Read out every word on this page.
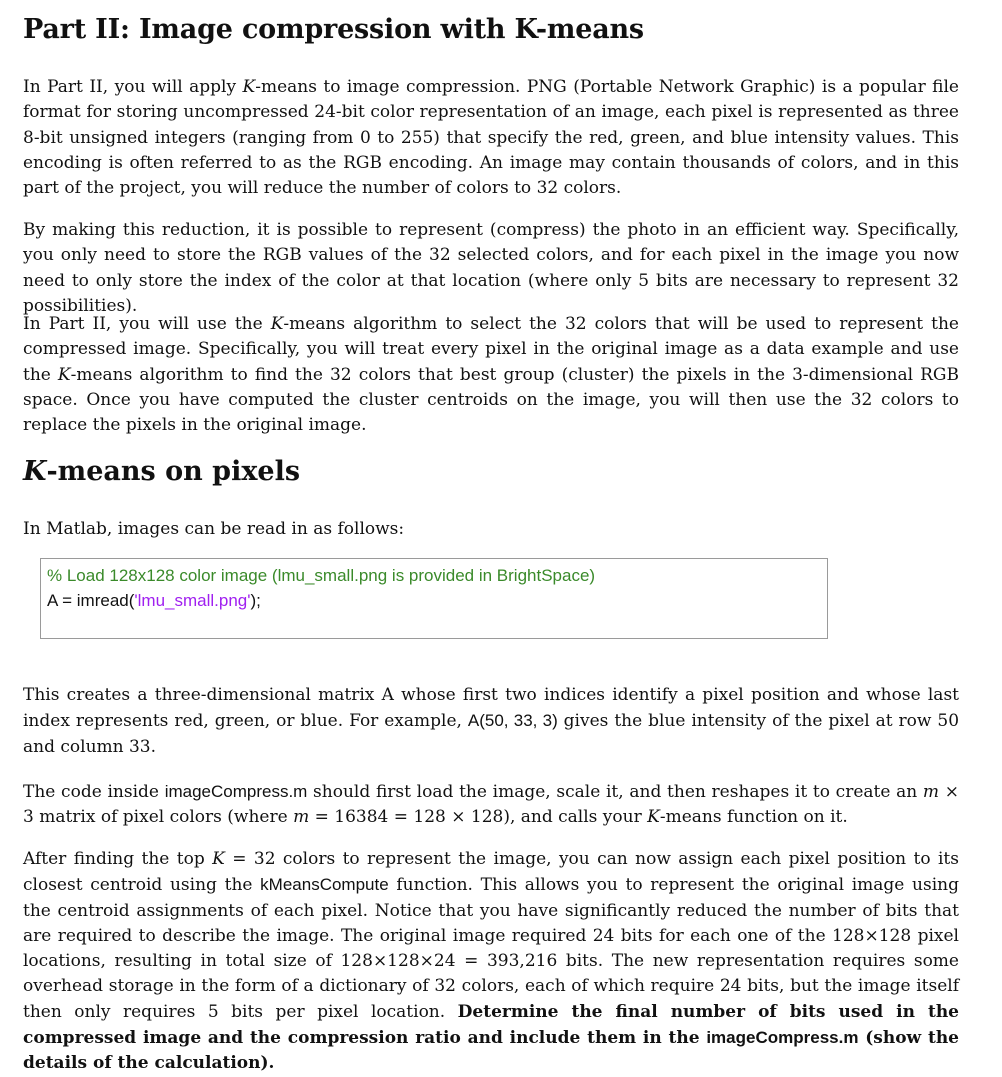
Part II: Image compression with K-means

In Part II, you will apply K-means to image compression. PNG (Portable Network Graphic) is a popular file format for storing uncompressed 24-bit color representation of an image, each pixel is represented as three 8-bit unsigned integers (ranging from 0 to 255) that specify the red, green, and blue intensity values. This encoding is often referred to as the RGB encoding. An image may contain thousands of colors, and in this part of the project, you will reduce the number of colors to 32 colors.

By making this reduction, it is possible to represent (compress) the photo in an efficient way. Specifically, you only need to store the RGB values of the 32 selected colors, and for each pixel in the image you now need to only store the index of the color at that location (where only 5 bits are necessary to represent 32 possibilities).

In Part II, you will use the K-means algorithm to select the 32 colors that will be used to represent the compressed image. Specifically, you will treat every pixel in the original image as a data example and use the K-means algorithm to find the 32 colors that best group (cluster) the pixels in the 3-dimensional RGB space. Once you have computed the cluster centroids on the image, you will then use the 32 colors to replace the pixels in the original image.

K-means on pixels

In Matlab, images can be read in as follows:

% Load 128x128 color image (lmu_small.png is provided in BrightSpace)
A = imread('lmu_small.png');

This creates a three-dimensional matrix A whose first two indices identify a pixel position and whose last index represents red, green, or blue. For example, A(50, 33, 3) gives the blue intensity of the pixel at row 50 and column 33.

The code inside imageCompress.m should first load the image, scale it, and then reshapes it to create an m × 3 matrix of pixel colors (where m = 16384 = 128 × 128), and calls your K-means function on it.

After finding the top K = 32 colors to represent the image, you can now assign each pixel position to its closest centroid using the kMeansCompute function. This allows you to represent the original image using the centroid assignments of each pixel. Notice that you have significantly reduced the number of bits that are required to describe the image. The original image required 24 bits for each one of the 128×128 pixel locations, resulting in total size of 128×128×24 = 393,216 bits. The new representation requires some overhead storage in the form of a dictionary of 32 colors, each of which require 24 bits, but the image itself then only requires 5 bits per pixel location. Determine the final number of bits used in the compressed image and the compression ratio and include them in the imageCompress.m (show the details of the calculation).
